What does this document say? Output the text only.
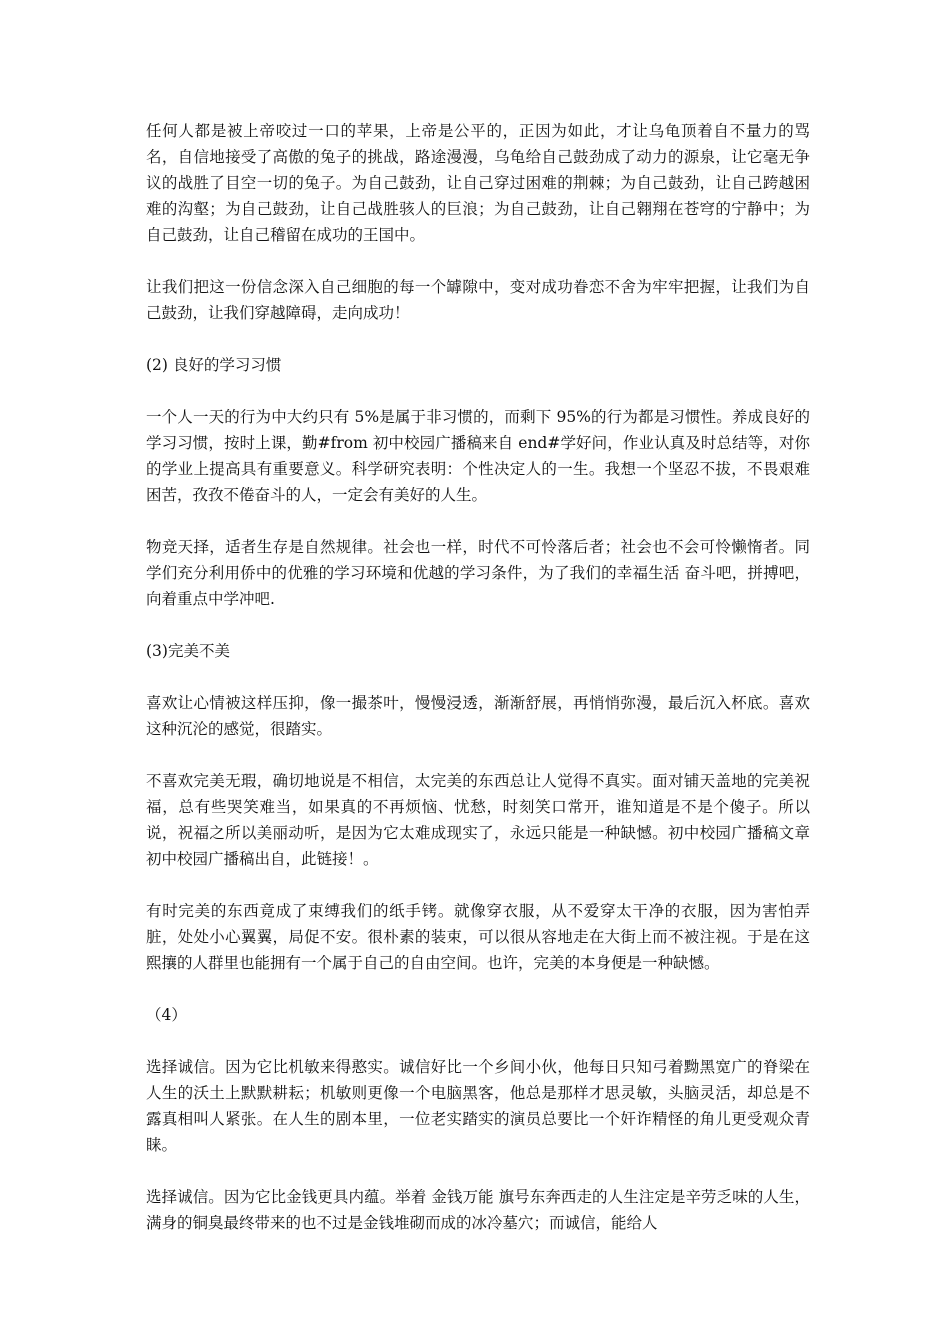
任何人都是被上帝咬过一口的苹果，上帝是公平的，正因为如此，才让乌龟顶着自不量力的骂名，自信地接受了高傲的兔子的挑战，路途漫漫，乌龟给自己鼓劲成了动力的源泉，让它毫无争议的战胜了目空一切的兔子。为自己鼓劲，让自己穿过困难的荆棘；为自己鼓劲，让自己跨越困难的沟壑；为自己鼓劲，让自己战胜骇人的巨浪；为自己鼓劲，让自己翱翔在苍穹的宁静中；为自己鼓劲，让自己稽留在成功的王国中。

让我们把这一份信念深入自己细胞的每一个罅隙中，变对成功眷恋不舍为牢牢把握，让我们为自己鼓劲，让我们穿越障碍，走向成功！

(2) 良好的学习习惯

一个人一天的行为中大约只有 5%是属于非习惯的，而剩下 95%的行为都是习惯性。养成良好的学习习惯，按时上课，勤#from 初中校园广播稿来自 end#学好问，作业认真及时总结等，对你的学业上提高具有重要意义。科学研究表明：个性决定人的一生。我想一个坚忍不拔，不畏艰难困苦，孜孜不倦奋斗的人，一定会有美好的人生。

物竞天择，适者生存是自然规律。社会也一样，时代不可怜落后者；社会也不会可怜懒惰者。同学们充分利用侨中的优雅的学习环境和优越的学习条件，为了我们的幸福生活 奋斗吧，拼搏吧，向着重点中学冲吧.

(3)完美不美

喜欢让心情被这样压抑，像一撮茶叶，慢慢浸透，渐渐舒展，再悄悄弥漫，最后沉入杯底。喜欢这种沉沦的感觉，很踏实。

不喜欢完美无瑕，确切地说是不相信，太完美的东西总让人觉得不真实。面对铺天盖地的完美祝福，总有些哭笑难当，如果真的不再烦恼、忧愁，时刻笑口常开，谁知道是不是个傻子。所以说，祝福之所以美丽动听，是因为它太难成现实了，永远只能是一种缺憾。初中校园广播稿文章初中校园广播稿出自，此链接！。

有时完美的东西竟成了束缚我们的纸手铐。就像穿衣服，从不爱穿太干净的衣服，因为害怕弄脏，处处小心翼翼，局促不安。很朴素的装束，可以很从容地走在大街上而不被注视。于是在这熙攘的人群里也能拥有一个属于自己的自由空间。也许，完美的本身便是一种缺憾。

（4）

选择诚信。因为它比机敏来得憨实。诚信好比一个乡间小伙，他每日只知弓着黝黑宽广的脊梁在人生的沃土上默默耕耘；机敏则更像一个电脑黑客，他总是那样才思灵敏，头脑灵活，却总是不露真相叫人紧张。在人生的剧本里，一位老实踏实的演员总要比一个奸诈精怪的角儿更受观众青睐。

选择诚信。因为它比金钱更具内蕴。举着 金钱万能 旗号东奔西走的人生注定是辛劳乏味的人生，满身的铜臭最终带来的也不过是金钱堆砌而成的冰冷墓穴；而诚信，能给人
